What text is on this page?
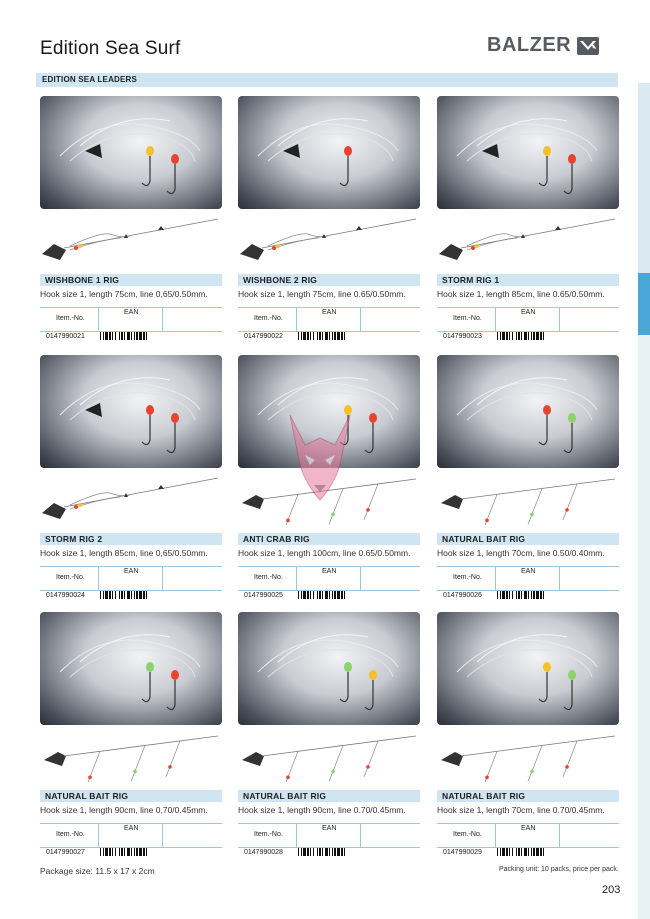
Edition Sea Surf	BALZER
EDITION SEA LEADERS
WISHBONE 1 RIG
Hook size 1, length 75cm, line 0,65/0.50mm.
Item.-No.
EAN
0147990021
WISHBONE 2 RIG
Hook size 1, length 75cm, line 0.65/0.50mm.
Item.-No.
EAN
0147990022
STORM RIG 1
Hook size 1, length 85cm, line 0.65/0.50mm.
Item.-No.
EAN
0147990023
STORM RIG 2
Hook size 1, length 85cm, line 0,65/0.50mm.
Item.-No.
EAN
0147990024
ANTI CRAB RIG
Hook size 1, length 100cm, line 0.65/0.50mm.
Item.-No.
EAN
0147990025
NATURAL BAIT RIG
Hook size 1, length 70cm, line 0.50/0.40mm.
Item.-No.
EAN
0147990026
NATURAL BAIT RIG
Hook size 1, length 90cm, line 0,70/0.45mm.
Item.-No.
EAN
0147990027
NATURAL BAIT RIG
Hook size 1, length 90cm, line 0.70/0.45mm.
Item.-No.
EAN
0147990028
NATURAL BAIT RIG
Hook size 1, length 70cm, line 0.70/0.45mm.
Item.-No.
EAN
0147990029
Package size: 11.5 x 17 x 2cm	Packing unit: 10 packs, price per pack.
203
